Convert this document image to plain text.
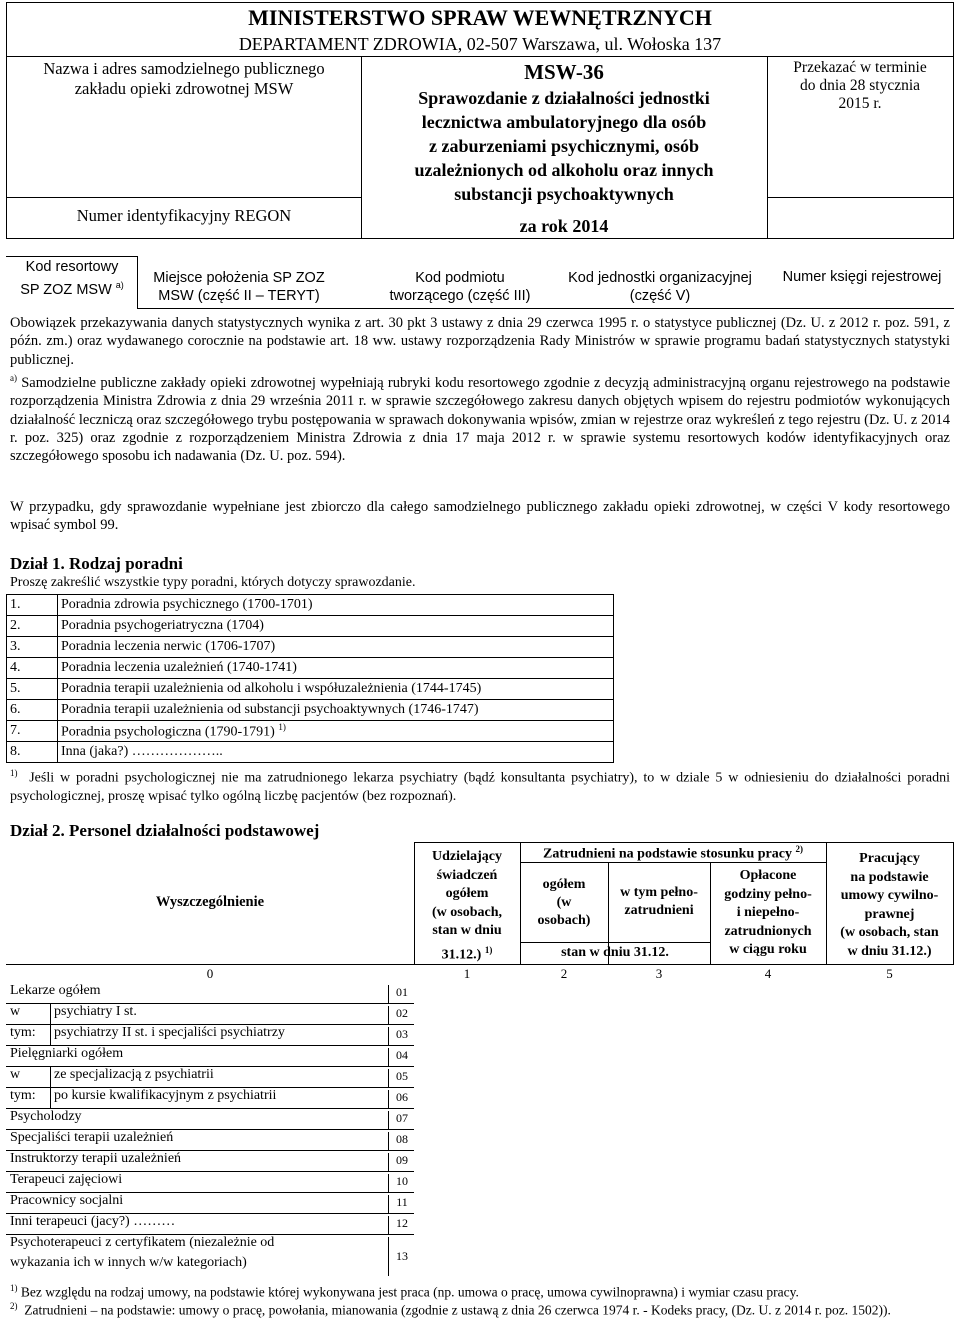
MINISTERSTWO SPRAW WEWNĘTRZNYCH
DEPARTAMENT ZDROWIA, 02-507 Warszawa, ul. Wołoska 137
Nazwa i adres samodzielnego publicznego
zakładu opieki zdrowotnej MSW
Numer identyfikacyjny REGON
MSW-36
Sprawozdanie z działalności jednostki
lecznictwa ambulatoryjnego dla osób
z zaburzeniami psychicznymi, osób
uzależnionych od alkoholu oraz innych
substancji psychoaktywnych
za rok 2014
Przekazać w terminie
do dnia 28 stycznia
2015 r.
Kod resortowy
SP ZOZ MSW $^{a)}$	Miejsce położenia SP ZOZ
MSW (część II – TERYT)
Kod podmiotu
tworzącego (część III)
Kod jednostki organizacyjnej
(część V)
Numer księgi rejestrowej
Obowiązek przekazywania danych statystycznych wynika z art. 30 pkt 3 ustawy z dnia 29 czerwca 1995 r. o statystyce publicznej (Dz. U. z 2012 r. poz. 591, z późn. zm.) oraz wydawanego corocznie na podstawie art. 18 ww. ustawy rozporządzenia Rady Ministrów w sprawie programu badań statystycznych statystyki publicznej.
$^{a)}$ Samodzielne publiczne zakłady opieki zdrowotnej wypełniają rubryki kodu resortowego zgodnie z decyzją administracyjną organu rejestrowego na podstawie rozporządzenia Ministra Zdrowia z dnia 29 września 2011 r. w sprawie szczegółowego zakresu danych objętych wpisem do rejestru podmiotów wykonujących działalność leczniczą oraz szczegółowego trybu postępowania w sprawach dokonywania wpisów, zmian w rejestrze oraz wykreśleń z tego rejestru (Dz. U. z 2014 r. poz. 325) oraz zgodnie z rozporządzeniem Ministra Zdrowia z dnia 17 maja 2012 r. w sprawie systemu resortowych kodów identyfikacyjnych oraz szczegółowego sposobu ich nadawania (Dz. U. poz. 594).
W przypadku, gdy sprawozdanie wypełniane jest zbiorczo dla całego samodzielnego publicznego zakładu opieki zdrowotnej, w części V kody resortowego wpisać symbol 99.
Dział 1. Rodzaj poradni
Proszę zakreślić wszystkie typy poradni, których dotyczy sprawozdanie.
1.	Poradnia zdrowia psychicznego (1700-1701)
2.	Poradnia psychogeriatryczna (1704)
3.	Poradnia leczenia nerwic (1706-1707)
4.	Poradnia leczenia uzależnień (1740-1741)
5.	Poradnia terapii uzależnienia od alkoholu i współuzależnienia (1744-1745)
6.	Poradnia terapii uzależnienia od substancji psychoaktywnych (1746-1747)
7.	Poradnia psychologiczna (1790-1791) $^{1)}$
8.	Inna (jaka?) ………………..
$^{1)}$ Jeśli w poradni psychologicznej nie ma zatrudnionego lekarza psychiatry (bądź konsultanta psychiatry), to w dziale 5 w odniesieniu do działalności poradni psychologicznej, proszę wpisać tylko ogólną liczbę pacjentów (bez rozpoznań).
Dział 2. Personel działalności podstawowej
Wyszczególnienie
Udzielający
świadczeń
ogółem
(w osobach,
stan w dniu
31.12.) $^{1)}$
Zatrudnieni na podstawie stosunku pracy $^{2)}$
ogółem
(w
osobach)
w tym pełno-
zatrudnieni
stan w dniu 31.12.
Opłacone
godziny pełno-
i niepełno-
zatrudnionych
w ciągu roku
Pracujący
na podstawie
umowy cywilno-
prawnej
(w osobach, stan
w dniu 31.12.)
0	1	2	3	4	5
Lekarze ogółem	01
w psychiatry I st.	02
tym: psychiatrzy II st. i specjaliści psychiatrzy	03
Pielęgniarki ogółem	04
w ze specjalizacją z psychiatrii	05
tym: po kursie kwalifikacyjnym z psychiatrii	06
Psycholodzy	07
Specjaliści terapii uzależnień	08
Instruktorzy terapii uzależnień	09
Terapeuci zajęciowi	10
Pracownicy socjalni	11
Inni terapeuci (jacy?) ………	12
Psychoterapeuci z certyfikatem (niezależnie od
wykazania ich w innych w/w kategoriach)	13
$^{1)}$ Bez względu na rodzaj umowy, na podstawie której wykonywana jest praca (np. umowa o pracę, umowa cywilnoprawna) i wymiar czasu pracy.
$^{2)}$ Zatrudnieni – na podstawie: umowy o pracę, powołania, mianowania (zgodnie z ustawą z dnia 26 czerwca 1974 r. - Kodeks pracy, (Dz. U. z 2014 r. poz. 1502)).
